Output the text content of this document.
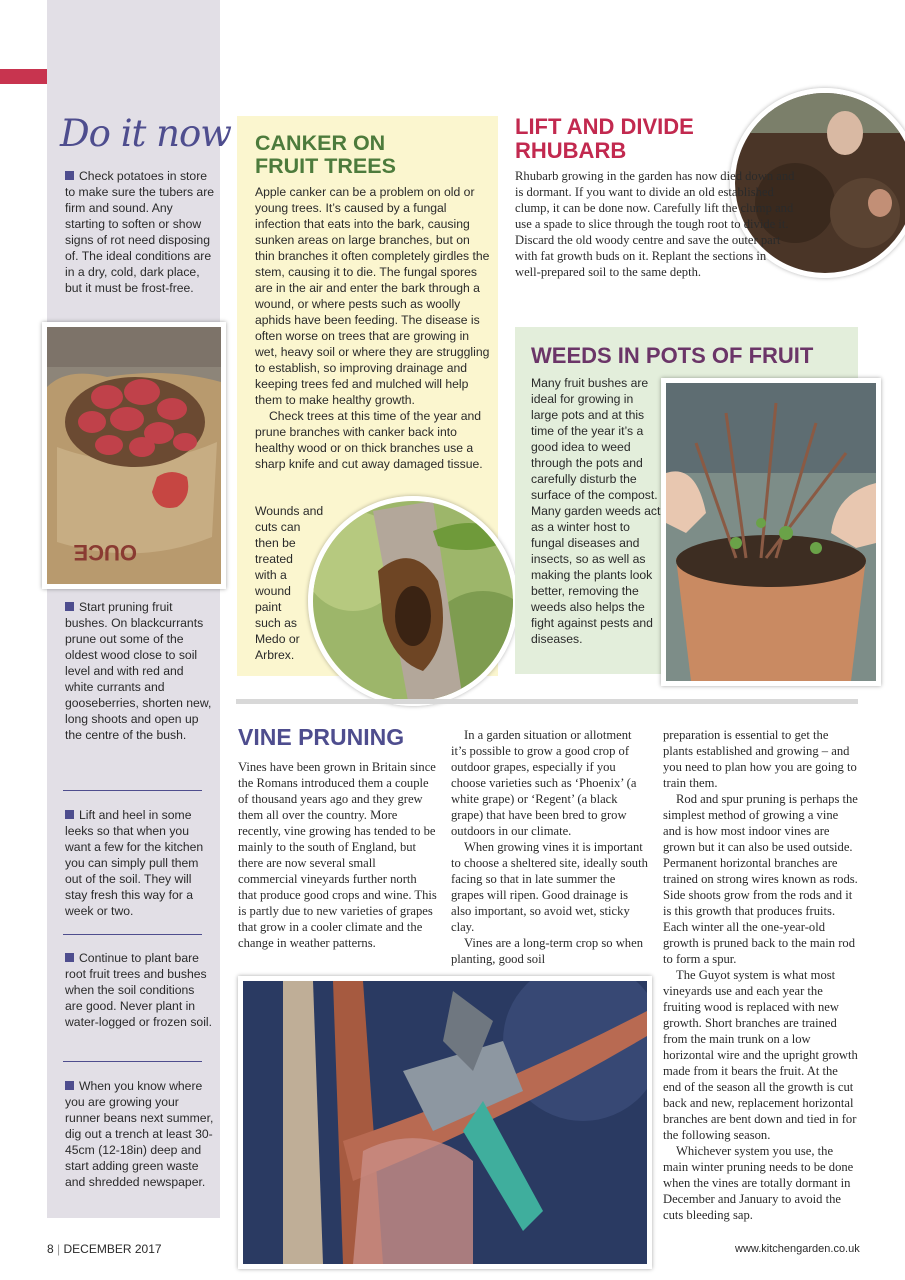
Do it now
Check potatoes in store to make sure the tubers are firm and sound. Any starting to soften or show signs of rot need disposing of. The ideal conditions are in a dry, cold, dark place, but it must be frost-free.
OUCE
Start pruning fruit bushes. On blackcurrants prune out some of the oldest wood close to soil level and with red and white currants and gooseberries, shorten new, long shoots and open up the centre of the bush.
Lift and heel in some leeks so that when you want a few for the kitchen you can simply pull them out of the soil. They will stay fresh this way for a week or two.
Continue to plant bare root fruit trees and bushes when the soil conditions are good. Never plant in water-logged or frozen soil.
When you know where you are growing your runner beans next summer, dig out a trench at least 30-45cm (12-18in) deep and start adding green waste and shredded newspaper.
CANKER ON
FRUIT TREES

Apple canker can be a problem on old or young trees. It’s caused by a fungal infection that eats into the bark, causing sunken areas on large branches, but on thin branches it often completely girdles the stem, causing it to die. The fungal spores are in the air and enter the bark through a wound, or where pests such as woolly aphids have been feeding. The disease is often worse on trees that are growing in wet, heavy soil or where they are struggling to establish, so improving drainage and keeping trees fed and mulched will help them to make healthy growth.

Check trees at this time of the year and prune branches with canker back into healthy wood or on thick branches use a sharp knife and cut away damaged tissue.

Wounds and
cuts can
then be
treated
with a
wound
paint
such as
Medo or
Arbrex.
LIFT AND DIVIDE
RHUBARB
Rhubarb growing in the garden has now died down and is dormant. If you want to divide an old established clump, it can be done now. Carefully lift the clump and use a spade to slice through the tough root to divide it. Discard the old woody centre and save the outer part with fat growth buds on it. Replant the sections in well-prepared soil to the same depth.
WEEDS IN POTS OF FRUIT
Many fruit bushes are ideal for growing in large pots and at this time of the year it’s a good idea to weed through the pots and carefully disturb the surface of the compost. Many garden weeds act as a winter host to fungal diseases and insects, so as well as making the plants look better, removing the weeds also helps the fight against pests and diseases.
VINE PRUNING
Vines have been grown in Britain since the Romans introduced them a couple of thousand years ago and they grew them all over the country. More recently, vine growing has tended to be mainly to the south of England, but there are now several small commercial vineyards further north that produce good crops and wine. This is partly due to new varieties of grapes that grow in a cooler climate and the change in weather patterns.

In a garden situation or allotment it’s possible to grow a good crop of outdoor grapes, especially if you choose varieties such as ‘Phoenix’ (a white grape) or ‘Regent’ (a black grape) that have been bred to grow outdoors in our climate.

When growing vines it is important to choose a sheltered site, ideally south facing so that in late summer the grapes will ripen. Good drainage is also important, so avoid wet, sticky clay.

Vines are a long-term crop so when planting, good soil

preparation is essential to get the plants established and growing – and you need to plan how you are going to train them.

Rod and spur pruning is perhaps the simplest method of growing a vine and is how most indoor vines are grown but it can also be used outside. Permanent horizontal branches are trained on strong wires known as rods. Side shoots grow from the rods and it is this growth that produces fruits. Each winter all the one-year-old growth is pruned back to the main rod to form a spur.

The Guyot system is what most vineyards use and each year the fruiting wood is replaced with new growth. Short branches are trained from the main trunk on a low horizontal wire and the upright growth made from it bears the fruit. At the end of the season all the growth is cut back and new, replacement horizontal branches are bent down and tied in for the following season.

Whichever system you use, the main winter pruning needs to be done when the vines are totally dormant in December and January to avoid the cuts bleeding sap.

8 | DECEMBER 2017	www.kitchengarden.co.uk
